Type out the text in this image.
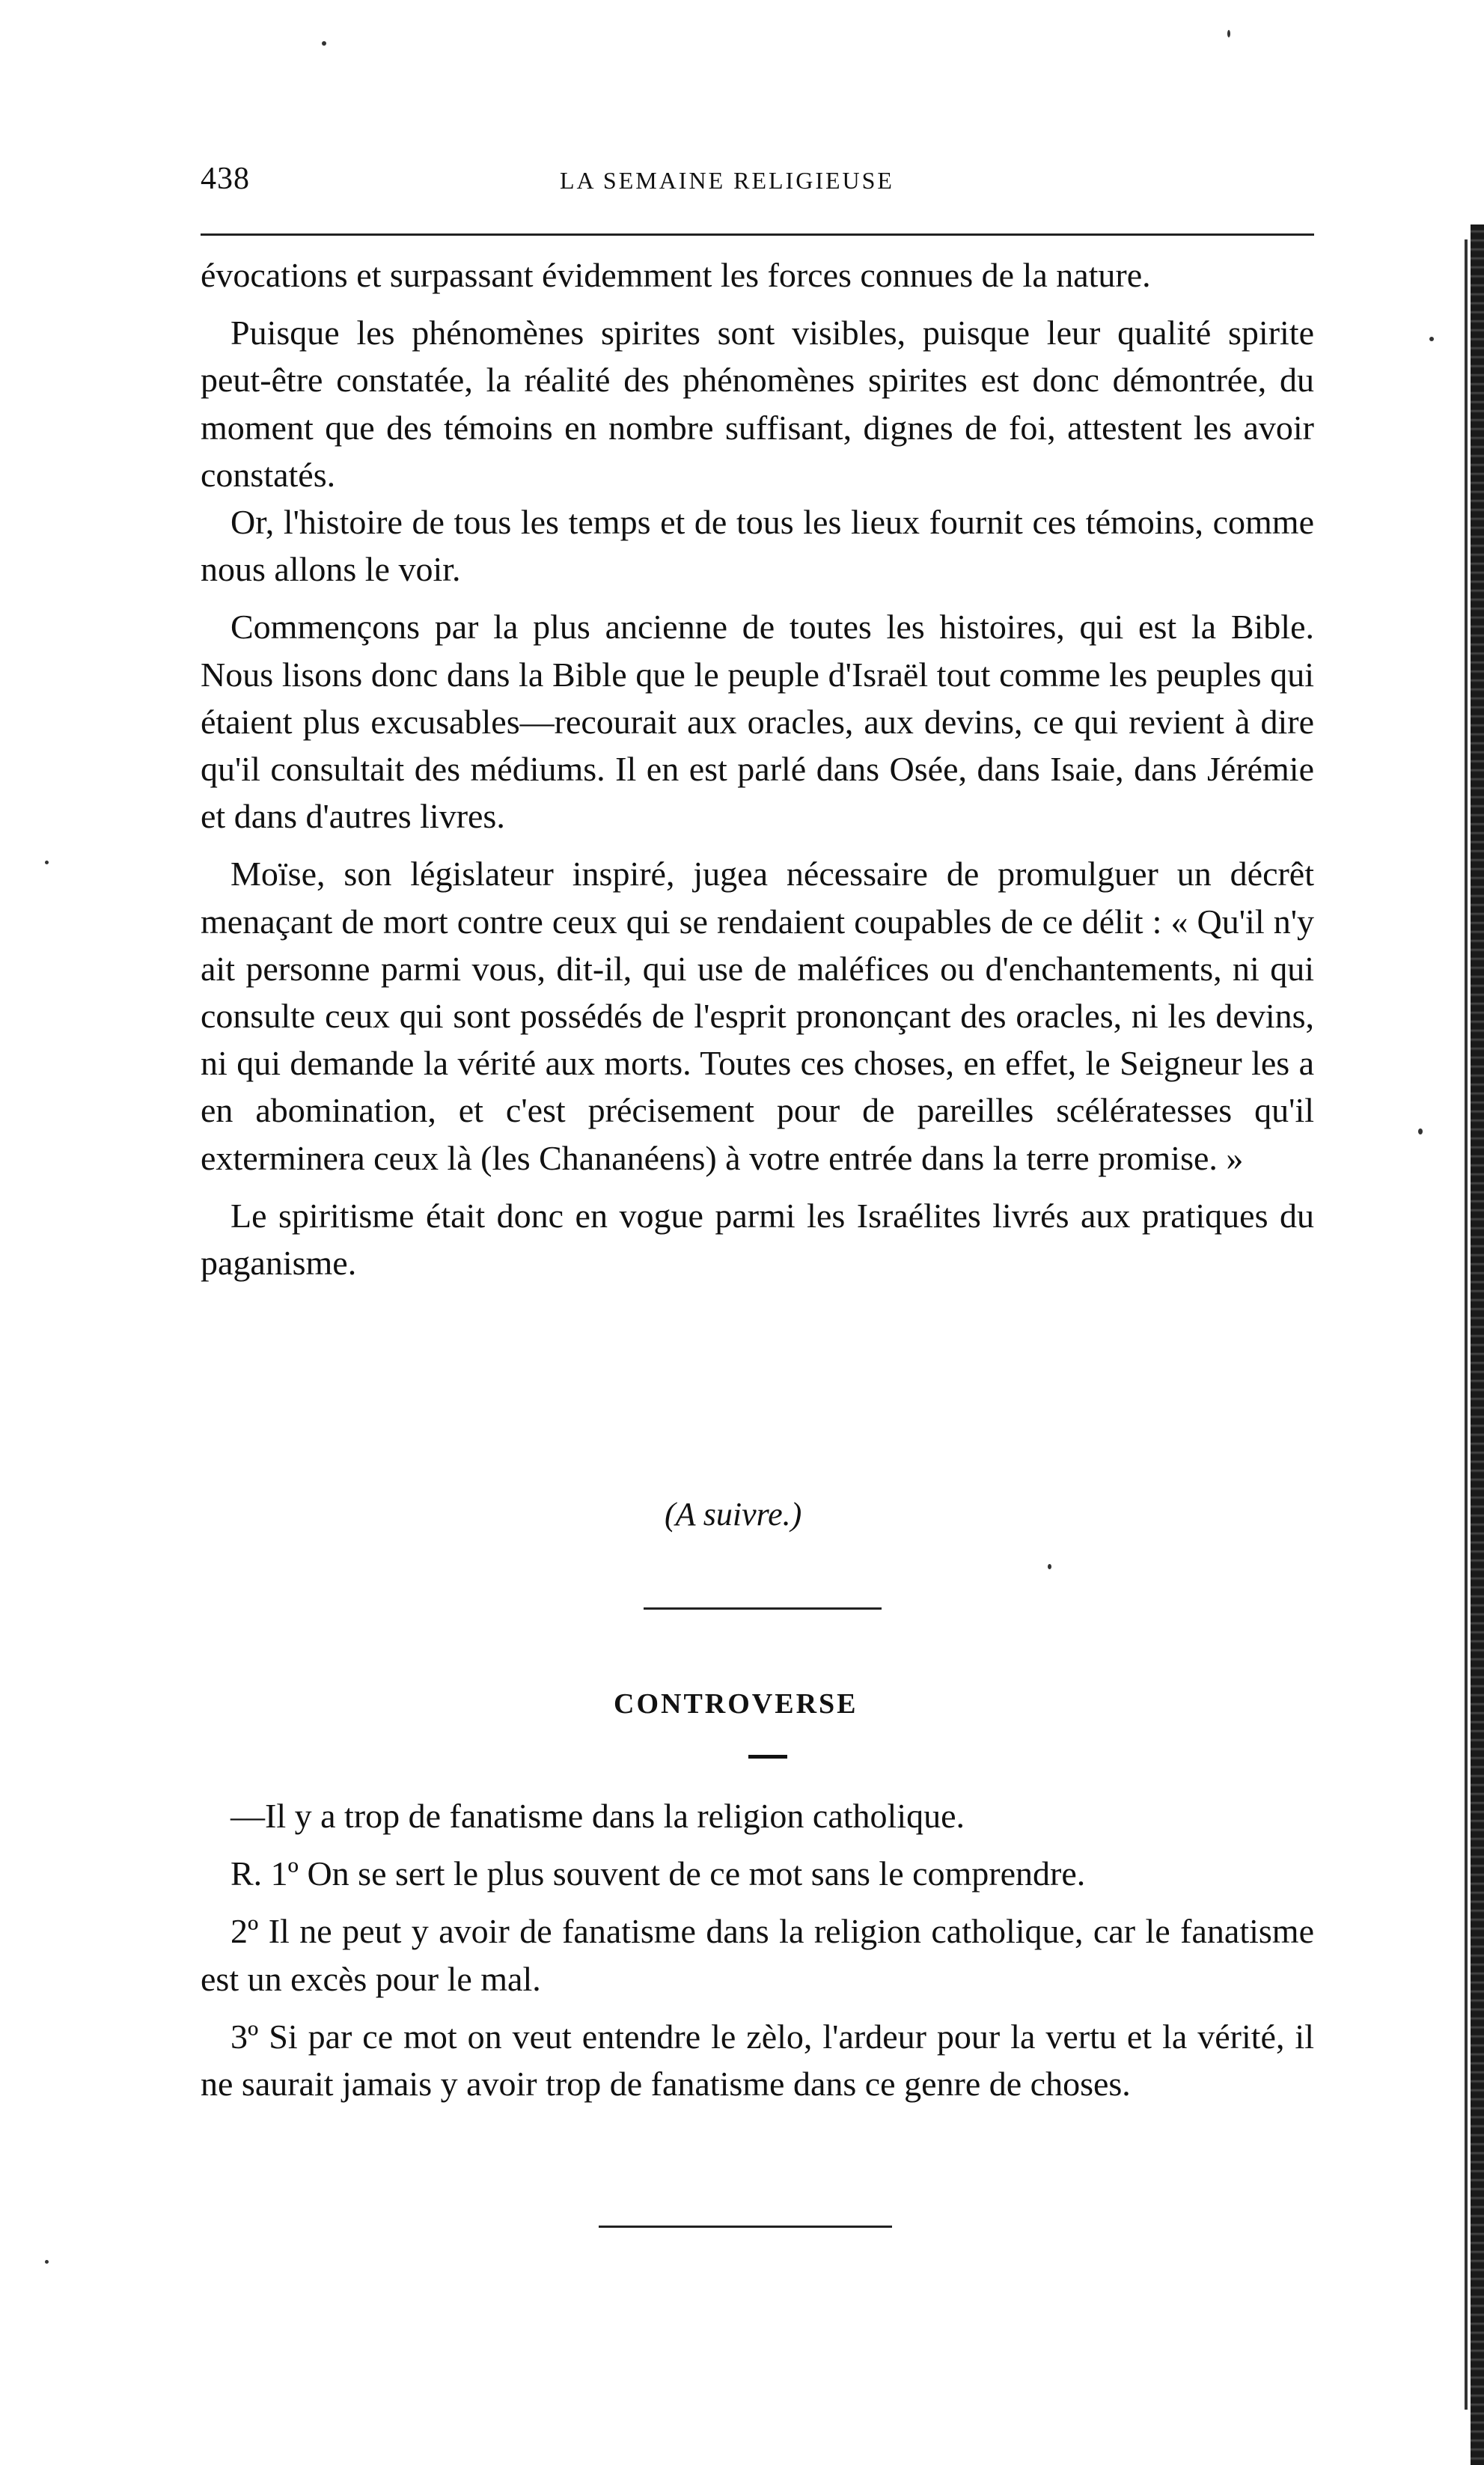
438	LA SEMAINE RELIGIEUSE

évocations et surpassant évidemment les forces connues de la nature.

Puisque les phénomènes spirites sont visibles, puisque leur qualité spirite peut-être constatée, la réalité des phénomènes spirites est donc démontrée, du moment que des témoins en nombre suffisant, dignes de foi, attestent les avoir constatés.

Or, l'histoire de tous les temps et de tous les lieux fournit ces témoins, comme nous allons le voir.

Commençons par la plus ancienne de toutes les histoires, qui est la Bible. Nous lisons donc dans la Bible que le peuple d'Israël tout comme les peuples qui étaient plus excusables—recourait aux oracles, aux devins, ce qui revient à dire qu'il consultait des médiums. Il en est parlé dans Osée, dans Isaie, dans Jérémie et dans d'autres livres.

Moïse, son législateur inspiré, jugea nécessaire de promulguer un décrêt menaçant de mort contre ceux qui se rendaient coupables de ce délit : « Qu'il n'y ait personne parmi vous, dit-il, qui use de maléfices ou d'enchantements, ni qui consulte ceux qui sont possédés de l'esprit prononçant des oracles, ni les devins, ni qui demande la vérité aux morts. Toutes ces choses, en effet, le Seigneur les a en abomination, et c'est précisement pour de pareilles scélératesses qu'il exterminera ceux là (les Chananéens) à votre entrée dans la terre promise. »

Le spiritisme était donc en vogue parmi les Israélites livrés aux pratiques du paganisme.

(A suivre.)
CONTROVERSE

—Il y a trop de fanatisme dans la religion catholique.

R. 1º On se sert le plus souvent de ce mot sans le comprendre.

2º Il ne peut y avoir de fanatisme dans la religion catholique, car le fanatisme est un excès pour le mal.

3º Si par ce mot on veut entendre le zèlo, l'ardeur pour la vertu et la vérité, il ne saurait jamais y avoir trop de fanatisme dans ce genre de choses.
